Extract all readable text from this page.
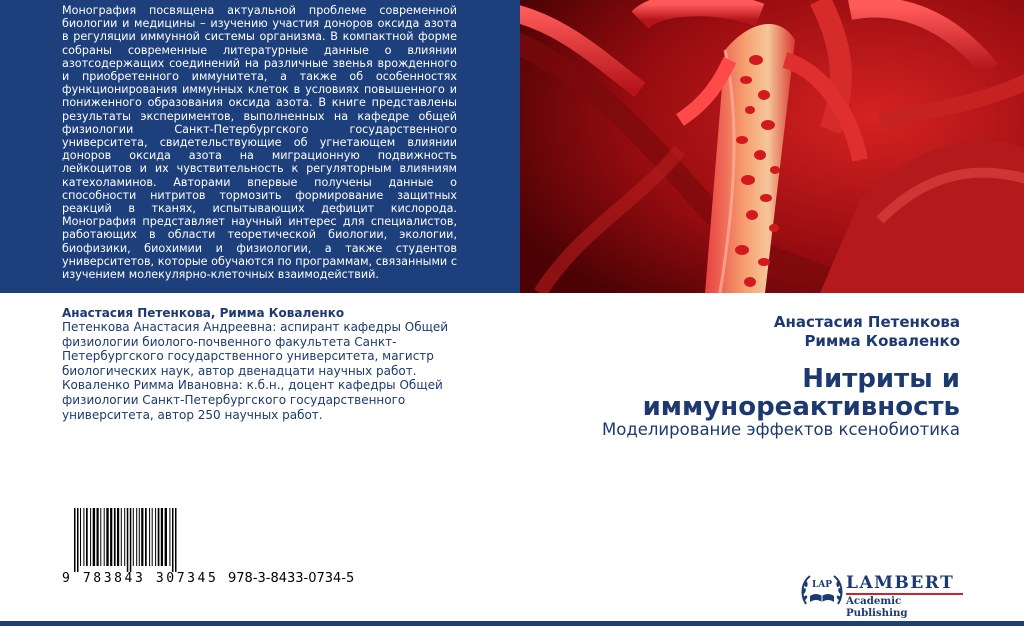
Монография посвящена актуальной проблеме современной биологии и медицины – изучению участия доноров оксида азота в регуляции иммунной системы организма. В компактной форме собраны современные литературные данные о влиянии азотсодержащих соединений на различные звенья врожденного и приобретенного иммунитета, а также об особенностях функционирования иммунных клеток в условиях повышенного и пониженного образования оксида азота. В книге представлены результаты экспериментов, выполненных на кафедре общей физиологии Санкт-Петербургского государственного университета, свидетельствующие об угнетающем влиянии доноров оксида азота на миграционную подвижность лейкоцитов и их чувствительность к регуляторным влияниям катехоламинов. Авторами впервые получены данные о способности нитритов тормозить формирование защитных реакций в тканях, испытывающих дефицит кислорода. Монография представляет научный интерес для специалистов, работающих в области теоретической биологии, экологии, биофизики, биохимии и физиологии, а также студентов университетов, которые обучаются по программам, связанными с изучением молекулярно-клеточных взаимодействий.

Анастасия Петенкова, Римма Коваленко

Петенкова Анастасия Андреевна: аспирант кафедры Общей физиологии биолого-почвенного факультета Санкт-Петербургского государственного университета, магистр биологических наук, автор двенадцати научных работ. Коваленко Римма Ивановна: к.б.н., доцент кафедры Общей физиологии Санкт-Петербургского государственного университета, автор 250 научных работ.

Анастасия Петенкова
Римма Коваленко
Нитриты и
иммунореактивность
Моделирование эффектов ксенобиотика
9 783843 307345 978-3-8433-0734-5	LAP LAMBERT
Academic Publishing
